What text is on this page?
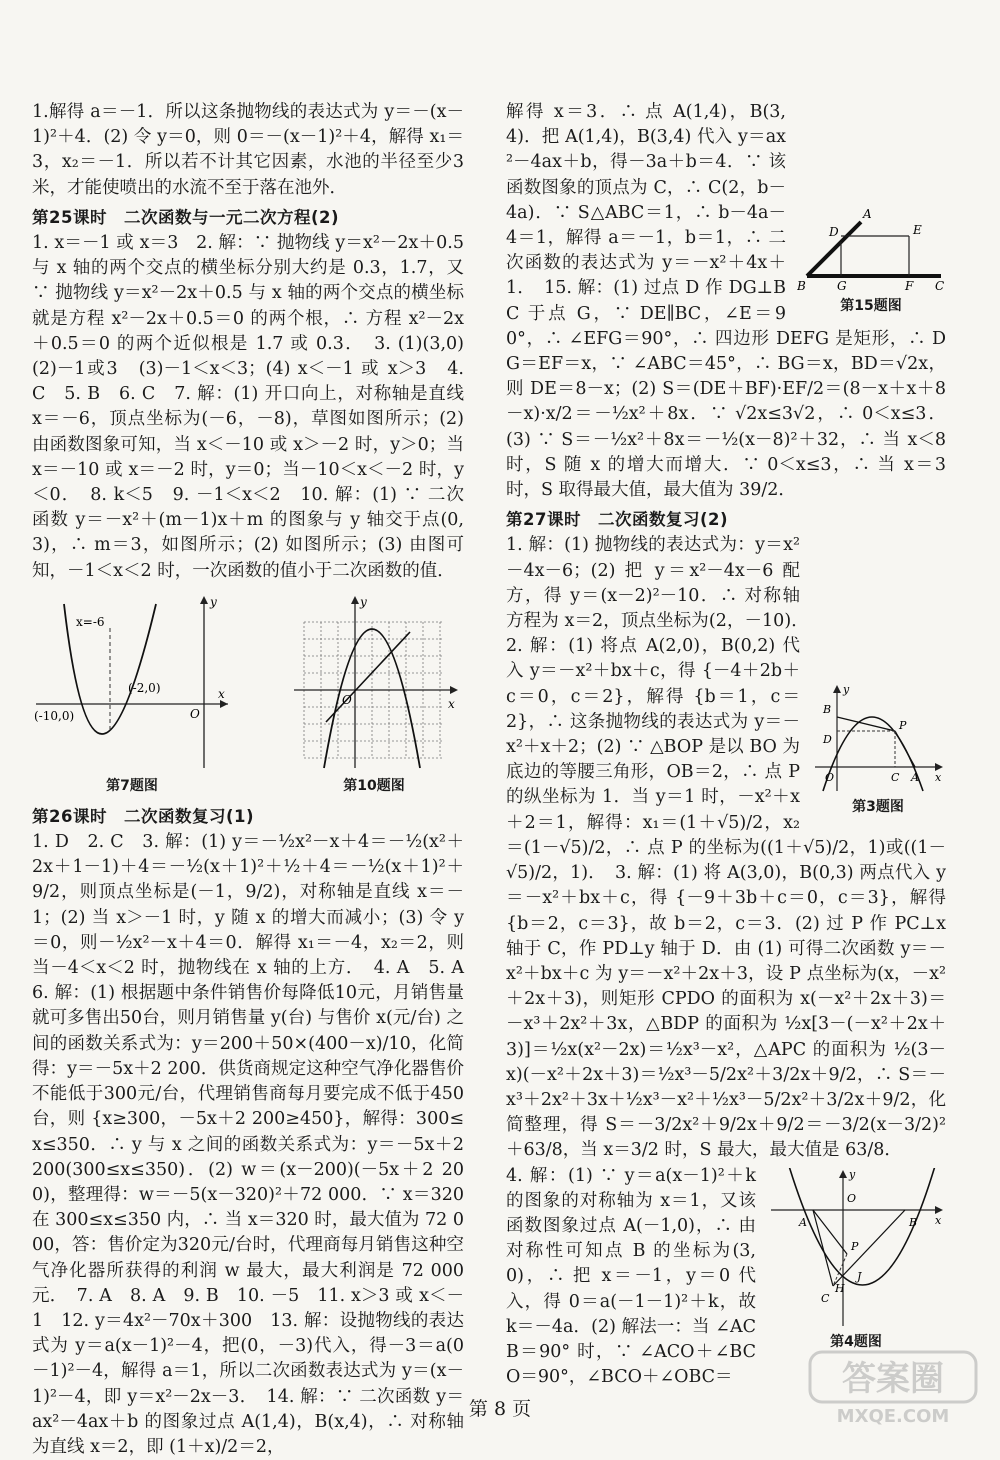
1.解得 a＝－1．所以这条抛物线的表达式为 y＝－(x－1)²＋4．(2) 令 y＝0，则 0＝－(x－1)²＋4，解得 x₁＝3，x₂＝－1．所以若不计其它因素，水池的半径至少3米，才能使喷出的水流不至于落在池外．

第25课时　二次函数与一元二次方程(2)

1. x＝－1 或 x＝3　2. 解：∵ 抛物线 y＝x²－2x＋0.5 与 x 轴的两个交点的横坐标分别大约是 0.3，1.7，又∵ 抛物线 y＝x²－2x＋0.5 与 x 轴的两个交点的横坐标就是方程 x²－2x＋0.5＝0 的两个根，∴ 方程 x²－2x＋0.5＝0 的两个近似根是 1.7 或 0.3．　3. (1)(3,0)　(2)－1或3　(3)－1＜x＜3；(4) x＜－1 或 x＞3　4. C　5. B　6. C　7. 解：(1) 开口向上，对称轴是直线 x＝－6，顶点坐标为(－6，－8)，草图如图所示；(2) 由函数图象可知，当 x＜－10 或 x＞－2 时，y＞0；当 x＝－10 或 x＝－2 时，y＝0；当－10＜x＜－2 时，y＜0．　8. k＜5　9. －1＜x＜2　10. 解：(1) ∵ 二次函数 y＝－x²＋(m－1)x＋m 的图象与 y 轴交于点(0,3)，∴ m＝3，如图所示；(2) 如图所示；(3) 由图可知，－1＜x＜2 时，一次函数的值小于二次函数的值．

x=-6
(-2,0)
(-10,0)	O
x
y
第7题图
O	x
y
第10题图
第26课时　二次函数复习(1)

1. D　2. C　3. 解：(1) y＝－½x²－x＋4＝－½(x²＋2x＋1－1)＋4＝－½(x＋1)²＋½＋4＝－½(x＋1)²＋9/2，则顶点坐标是(－1，9/2)，对称轴是直线 x＝－1；(2) 当 x＞－1 时，y 随 x 的增大而减小；(3) 令 y＝0，则－½x²－x＋4＝0．解得 x₁＝－4，x₂＝2，则当－4＜x＜2 时，抛物线在 x 轴的上方．　4. A　5. A　6. 解：(1) 根据题中条件销售价每降低10元，月销售量就可多售出50台，则月销售量 y(台) 与售价 x(元/台) 之间的函数关系式为：y＝200＋50×(400－x)/10，化简得：y＝－5x＋2 200．供货商规定这种空气净化器售价不能低于300元/台，代理销售商每月要完成不低于450台，则 {x≥300，－5x＋2 200≥450}，解得：300≤x≤350．∴ y 与 x 之间的函数关系式为：y＝－5x＋2 200(300≤x≤350)．(2) w＝(x－200)(－5x＋2 200)，整理得：w＝－5(x－320)²＋72 000．∵ x＝320 在 300≤x≤350 内，∴ 当 x＝320 时，最大值为 72 000，答：售价定为320元/台时，代理商每月销售这种空气净化器所获得的利润 w 最大，最大利润是 72 000 元．　7. A　8. A　9. B　10. －5　11. x＞3 或 x＜－1　12. y＝4x²－70x＋300　13. 解：设抛物线的表达式为 y＝a(x－1)²－4，把(0，－3)代入，得－3＝a(0－1)²－4，解得 a＝1，所以二次函数表达式为 y＝(x－1)²－4，即 y＝x²－2x－3．　14. 解：∵ 二次函数 y＝ax²－4ax＋b 的图象过点 A(1,4)，B(x,4)，∴ 对称轴为直线 x＝2，即 (1＋x)/2＝2，

A
D	E
B	G	F C
第15题图

解得 x＝3．∴ 点 A(1,4)，B(3,4)．把 A(1,4)，B(3,4) 代入 y＝ax²－4ax＋b，得－3a＋b＝4．∵ 该函数图象的顶点为 C，∴ C(2，b－4a)．∵ S△ABC＝1，∴ b－4a－4＝1，解得 a＝－1，b＝1，∴ 二次函数的表达式为 y＝－x²＋4x＋1．　15. 解：(1) 过点 D 作 DG⊥BC 于点 G，∵ DE∥BC，∠E＝90°，∴ ∠EFG＝90°，∴ 四边形 DEFG 是矩形，∴ DG＝EF＝x，∵ ∠ABC＝45°，∴ BG＝x，BD＝√2x，则 DE＝8－x；(2) S＝(DE＋BF)·EF/2＝(8－x＋x＋8－x)·x/2＝－½x²＋8x．∵ √2x≤3√2，∴ 0＜x≤3．(3) ∵ S＝－½x²＋8x＝－½(x－8)²＋32，∴ 当 x＜8 时，S 随 x 的增大而增大．∵ 0＜x≤3，∴ 当 x＝3 时，S 取得最大值，最大值为 39/2．

第27课时　二次函数复习(2)
B
D
P
O	C A x
y
第3题图

1. 解：(1) 抛物线的表达式为：y＝x²－4x－6；(2) 把 y＝x²－4x－6 配方，得 y＝(x－2)²－10．∴ 对称轴方程为 x＝2，顶点坐标为(2，－10)．　2. 解：(1) 将点 A(2,0)，B(0,2) 代入 y＝－x²＋bx＋c，得 {－4＋2b＋c＝0，c＝2}，解得 {b＝1，c＝2}，∴ 这条抛物线的表达式为 y＝－x²＋x＋2；(2) ∵ △BOP 是以 BO 为底边的等腰三角形，OB＝2，∴ 点 P 的纵坐标为 1．当 y＝1 时，－x²＋x＋2＝1，解得：x₁＝(1＋√5)/2，x₂＝(1－√5)/2，∴ 点 P 的坐标为((1＋√5)/2，1)或((1－√5)/2，1)．　3. 解：(1) 将 A(3,0)，B(0,3) 两点代入 y＝－x²＋bx＋c，得 {－9＋3b＋c＝0，c＝3}，解得 {b＝2，c＝3}，故 b＝2，c＝3．(2) 过 P 作 PC⊥x 轴于 C，作 PD⊥y 轴于 D．由 (1) 可得二次函数 y＝－x²＋bx＋c 为 y＝－x²＋2x＋3，设 P 点坐标为(x，－x²＋2x＋3)，则矩形 CPDO 的面积为 x(－x²＋2x＋3)＝－x³＋2x²＋3x，△BDP 的面积为 ½x[3－(－x²＋2x＋3)]＝½x(x²－2x)＝½x³－x²，△APC 的面积为 ½(3－x)(－x²＋2x＋3)＝½x³－5/2x²＋3/2x＋9/2，∴ S＝－x³＋2x²＋3x＋½x³－x²＋½x³－5/2x²＋3/2x＋9/2，化简整理，得 S＝－3/2x²＋9/2x＋9/2＝－3/2(x－3/2)²＋63/8，当 x＝3/2 时，S 最大，最大值是 63/8．

O
A	B
P
J
H
C
x
y
第4题图

4. 解：(1) ∵ y＝a(x－1)²＋k 的图象的对称轴为 x＝1，又该函数图象过点 A(－1,0)，∴ 由对称性可知点 B 的坐标为(3,0)，∴ 把 x＝－1，y＝0 代入，得 0＝a(－1－1)²＋k，故 k＝－4a．(2) 解法一：当 ∠ACB＝90° 时，∵ ∠ACO＋∠BCO＝90°，∠BCO＋∠OBC＝

第 8 页
答案圈
MXQE.COM
